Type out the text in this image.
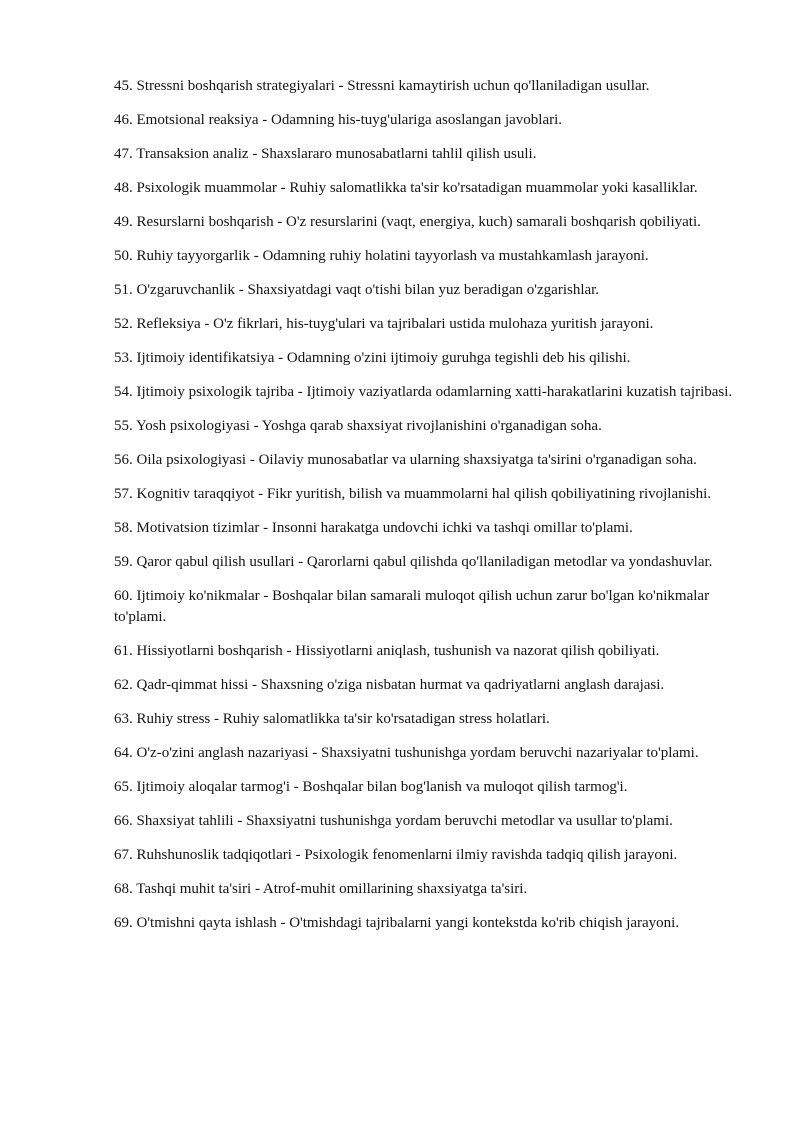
45. Stressni boshqarish strategiyalari - Stressni kamaytirish uchun qo'llaniladigan usullar.

46. Emotsional reaksiya - Odamning his-tuyg'ulariga asoslangan javoblari.

47. Transaksion analiz - Shaxslararo munosabatlarni tahlil qilish usuli.

48. Psixologik muammolar - Ruhiy salomatlikka ta'sir ko'rsatadigan muammolar yoki kasalliklar.

49. Resurslarni boshqarish - O'z resurslarini (vaqt, energiya, kuch) samarali boshqarish qobiliyati.

50. Ruhiy tayyorgarlik - Odamning ruhiy holatini tayyorlash va mustahkamlash jarayoni.

51. O'zgaruvchanlik - Shaxsiyatdagi vaqt o'tishi bilan yuz beradigan o'zgarishlar.

52. Refleksiya - O'z fikrlari, his-tuyg'ulari va tajribalari ustida mulohaza yuritish jarayoni.

53. Ijtimoiy identifikatsiya - Odamning o'zini ijtimoiy guruhga tegishli deb his qilishi.

54. Ijtimoiy psixologik tajriba - Ijtimoiy vaziyatlarda odamlarning xatti-harakatlarini kuzatish tajribasi.

55. Yosh psixologiyasi - Yoshga qarab shaxsiyat rivojlanishini o'rganadigan soha.

56. Oila psixologiyasi - Oilaviy munosabatlar va ularning shaxsiyatga ta'sirini o'rganadigan soha.

57. Kognitiv taraqqiyot - Fikr yuritish, bilish va muammolarni hal qilish qobiliyatining rivojlanishi.

58. Motivatsion tizimlar - Insonni harakatga undovchi ichki va tashqi omillar to'plami.

59. Qaror qabul qilish usullari - Qarorlarni qabul qilishda qo'llaniladigan metodlar va yondashuvlar.

60. Ijtimoiy ko'nikmalar - Boshqalar bilan samarali muloqot qilish uchun zarur bo'lgan ko'nikmalar to'plami.

61. Hissiyotlarni boshqarish - Hissiyotlarni aniqlash, tushunish va nazorat qilish qobiliyati.

62. Qadr-qimmat hissi - Shaxsning o'ziga nisbatan hurmat va qadriyatlarni anglash darajasi.

63. Ruhiy stress - Ruhiy salomatlikka ta'sir ko'rsatadigan stress holatlari.

64. O'z-o'zini anglash nazariyasi - Shaxsiyatni tushunishga yordam beruvchi nazariyalar to'plami.

65. Ijtimoiy aloqalar tarmog'i - Boshqalar bilan bog'lanish va muloqot qilish tarmog'i.

66. Shaxsiyat tahlili - Shaxsiyatni tushunishga yordam beruvchi metodlar va usullar to'plami.

67. Ruhshunoslik tadqiqotlari - Psixologik fenomenlarni ilmiy ravishda tadqiq qilish jarayoni.

68. Tashqi muhit ta'siri - Atrof-muhit omillarining shaxsiyatga ta'siri.

69. O'tmishni qayta ishlash - O'tmishdagi tajribalarni yangi kontekstda ko'rib chiqish jarayoni.
